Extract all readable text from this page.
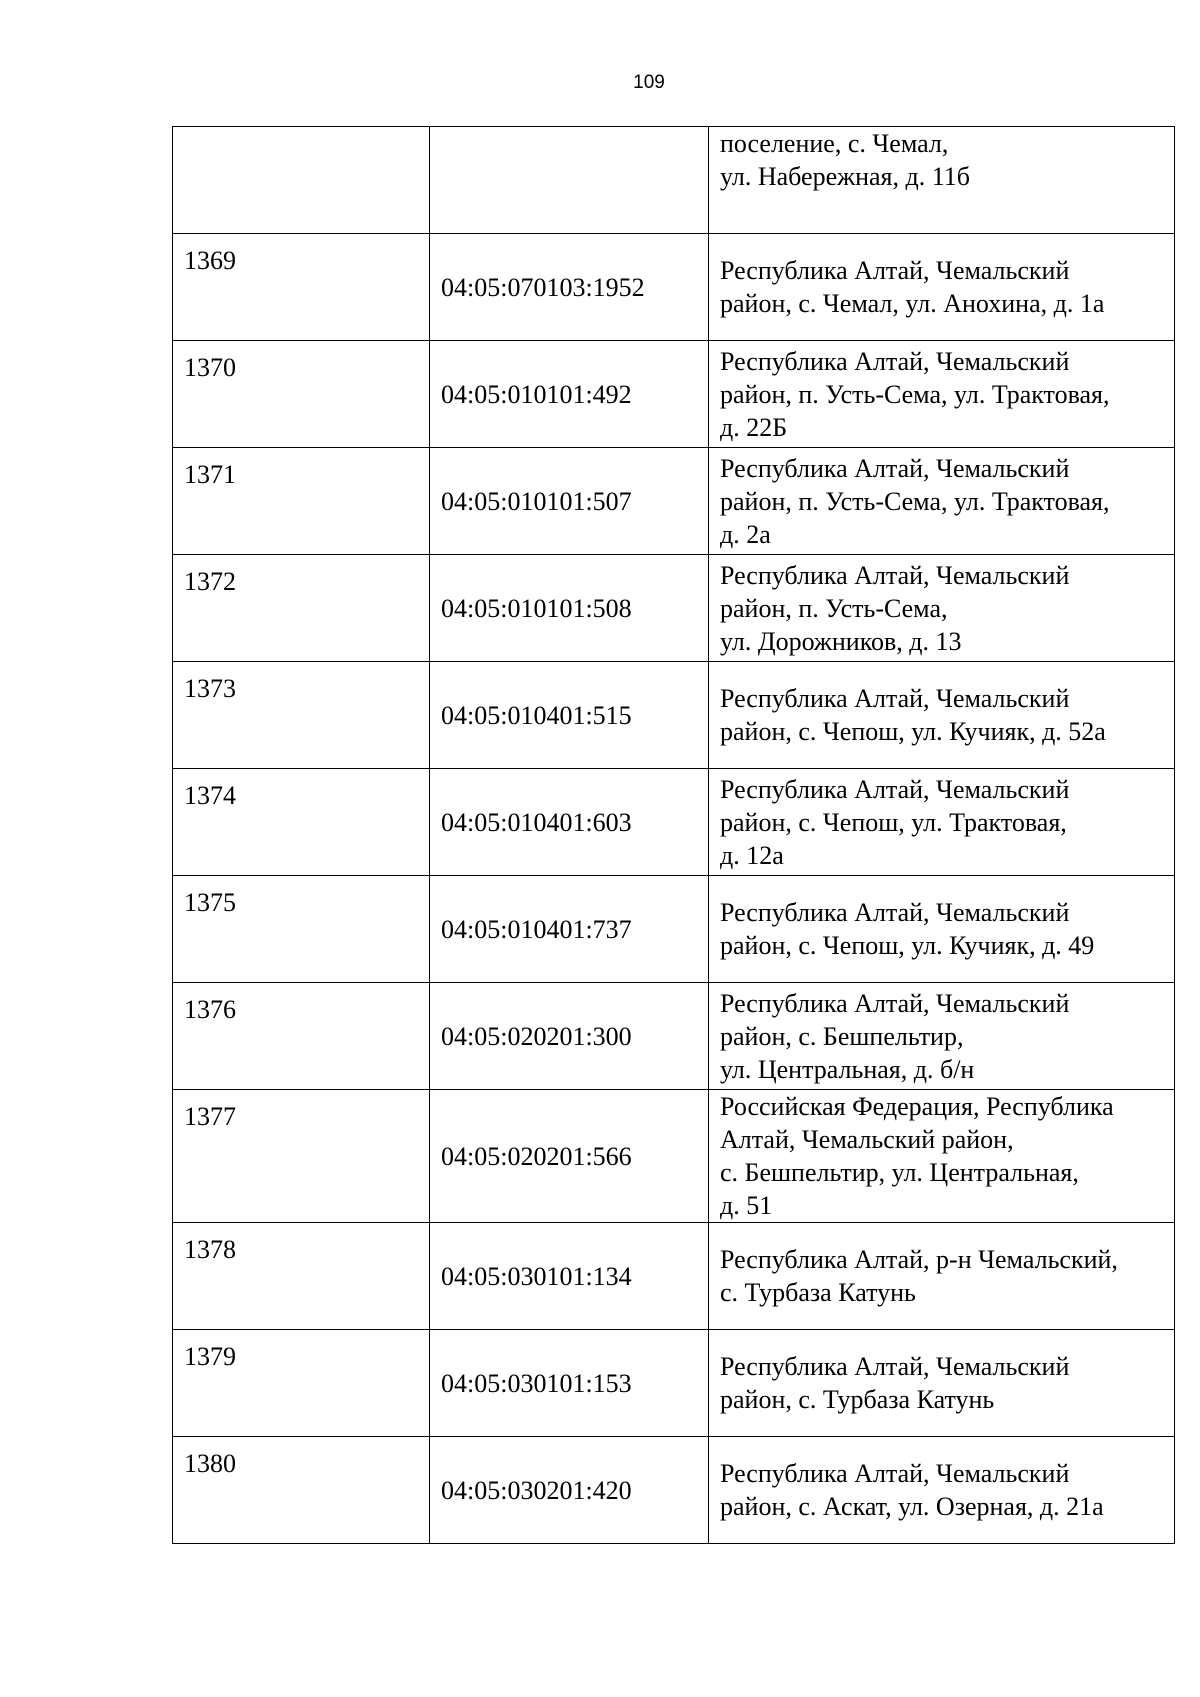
109

		поселение, с. Чемал,
ул. Набережная, д. 11б

1369	04:05:070103:1952	Республика Алтай, Чемальский
район, с. Чемал, ул. Анохина, д. 1а

1370	04:05:010101:492	Республика Алтай, Чемальский
район, п. Усть-Сема, ул. Трактовая,
д. 22Б

1371	04:05:010101:507	Республика Алтай, Чемальский
район, п. Усть-Сема, ул. Трактовая,
д. 2а

1372	04:05:010101:508	Республика Алтай, Чемальский
район, п. Усть-Сема,
ул. Дорожников, д. 13

1373	04:05:010401:515	Республика Алтай, Чемальский
район, с. Чепош, ул. Кучияк, д. 52а

1374	04:05:010401:603	Республика Алтай, Чемальский
район, с. Чепош, ул. Трактовая,
д. 12а

1375	04:05:010401:737	Республика Алтай, Чемальский
район, с. Чепош, ул. Кучияк, д. 49

1376	04:05:020201:300	Республика Алтай, Чемальский
район, с. Бешпельтир,
ул. Центральная, д. б/н

1377	04:05:020201:566	Российская Федерация, Республика
Алтай, Чемальский район,
с. Бешпельтир, ул. Центральная,
д. 51

1378	04:05:030101:134	Республика Алтай, р-н Чемальский,
с. Турбаза Катунь

1379	04:05:030101:153	Республика Алтай, Чемальский
район, с. Турбаза Катунь

1380	04:05:030201:420	Республика Алтай, Чемальский
район, с. Аскат, ул. Озерная, д. 21а
